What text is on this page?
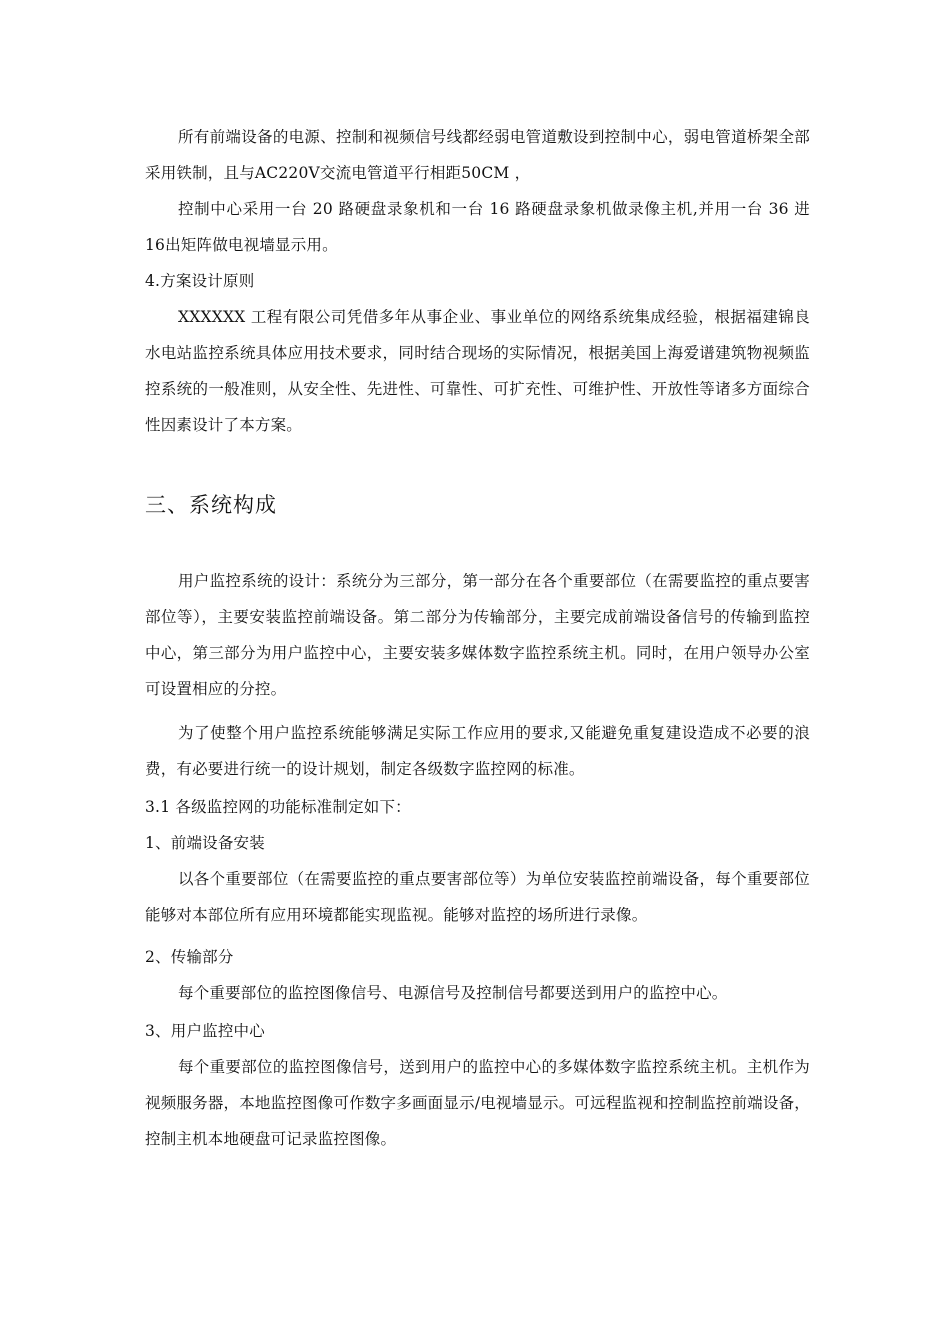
所有前端设备的电源、控制和视频信号线都经弱电管道敷设到控制中心，弱电管道桥架全部采用铁制，且与AC220V交流电管道平行相距50CM ，

控制中心采用一台 20 路硬盘录象机和一台 16 路硬盘录象机做录像主机,并用一台 36 进16出矩阵做电视墙显示用。

4.方案设计原则

XXXXXX 工程有限公司凭借多年从事企业、事业单位的网络系统集成经验，根据福建锦良水电站监控系统具体应用技术要求，同时结合现场的实际情况，根据美国上海爱谱建筑物视频监控系统的一般准则，从安全性、先进性、可靠性、可扩充性、可维护性、开放性等诸多方面综合性因素设计了本方案。

三、系统构成

用户监控系统的设计：系统分为三部分，第一部分在各个重要部位（在需要监控的重点要害部位等），主要安装监控前端设备。第二部分为传输部分，主要完成前端设备信号的传输到监控中心，第三部分为用户监控中心，主要安装多媒体数字监控系统主机。同时，在用户领导办公室可设置相应的分控。

为了使整个用户监控系统能够满足实际工作应用的要求,又能避免重复建设造成不必要的浪费，有必要进行统一的设计规划，制定各级数字监控网的标准。

3.1 各级监控网的功能标准制定如下：

1、前端设备安装

以各个重要部位（在需要监控的重点要害部位等）为单位安装监控前端设备，每个重要部位能够对本部位所有应用环境都能实现监视。能够对监控的场所进行录像。

2、传输部分

每个重要部位的监控图像信号、电源信号及控制信号都要送到用户的监控中心。

3、用户监控中心

每个重要部位的监控图像信号，送到用户的监控中心的多媒体数字监控系统主机。主机作为视频服务器，本地监控图像可作数字多画面显示/电视墙显示。可远程监视和控制监控前端设备，控制主机本地硬盘可记录监控图像。
